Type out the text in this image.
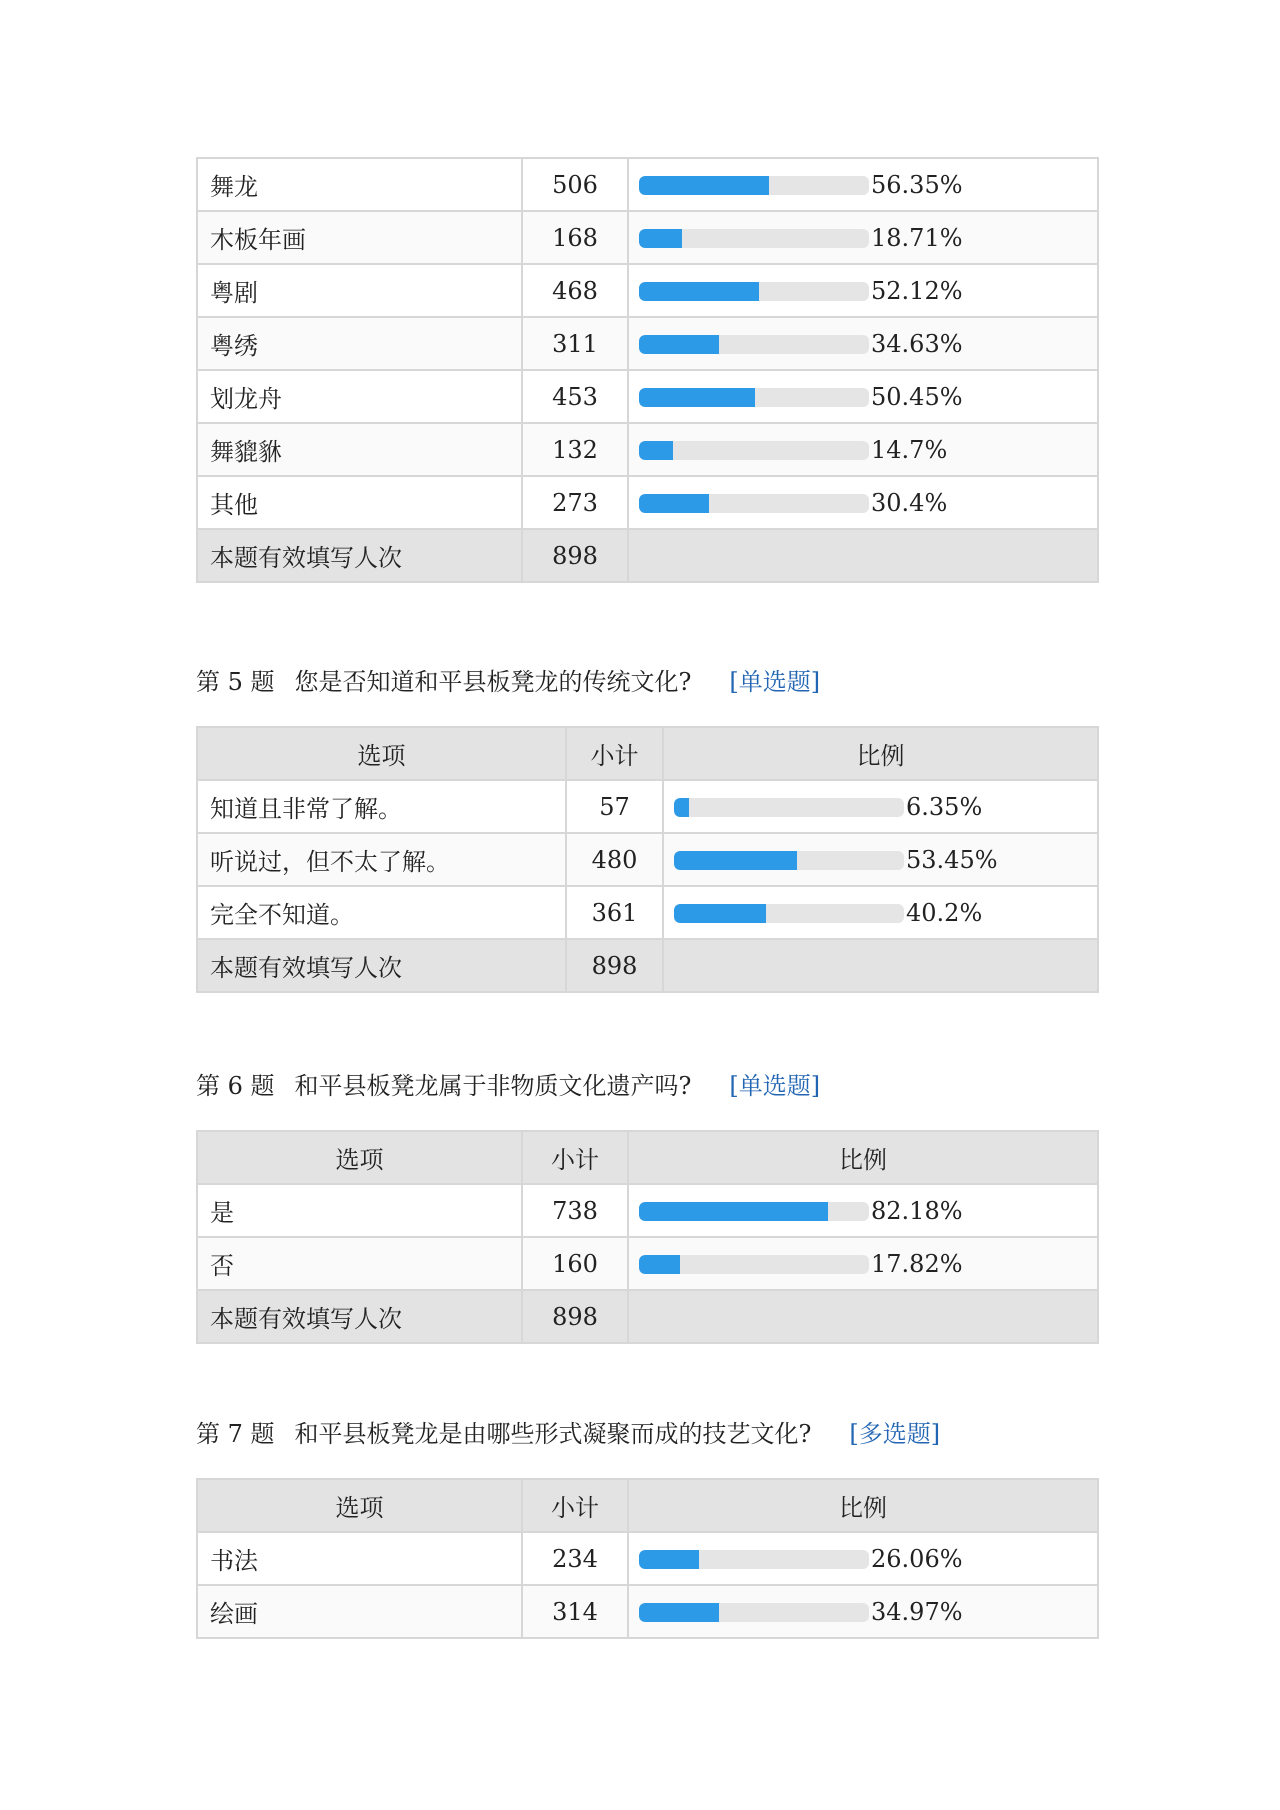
舞龙	506	56.35%
木板年画	168	18.71%
粤剧	468	52.12%
粤绣	311	34.63%
划龙舟	453	50.45%
舞貔貅	132	14.7%
其他	273	30.4%
本题有效填写人次	898	
第 5 题 您是否知道和平县板凳龙的传统文化? [单选题]
选项	小计	比例
知道且非常了解。	57	6.35%
听说过，但不太了解。	480	53.45%
完全不知道。	361	40.2%
本题有效填写人次	898	
第 6 题 和平县板凳龙属于非物质文化遗产吗? [单选题]
选项	小计	比例
是	738	82.18%
否	160	17.82%
本题有效填写人次	898	
第 7 题 和平县板凳龙是由哪些形式凝聚而成的技艺文化? [多选题]
选项	小计	比例
书法	234	26.06%
绘画	314	34.97%
